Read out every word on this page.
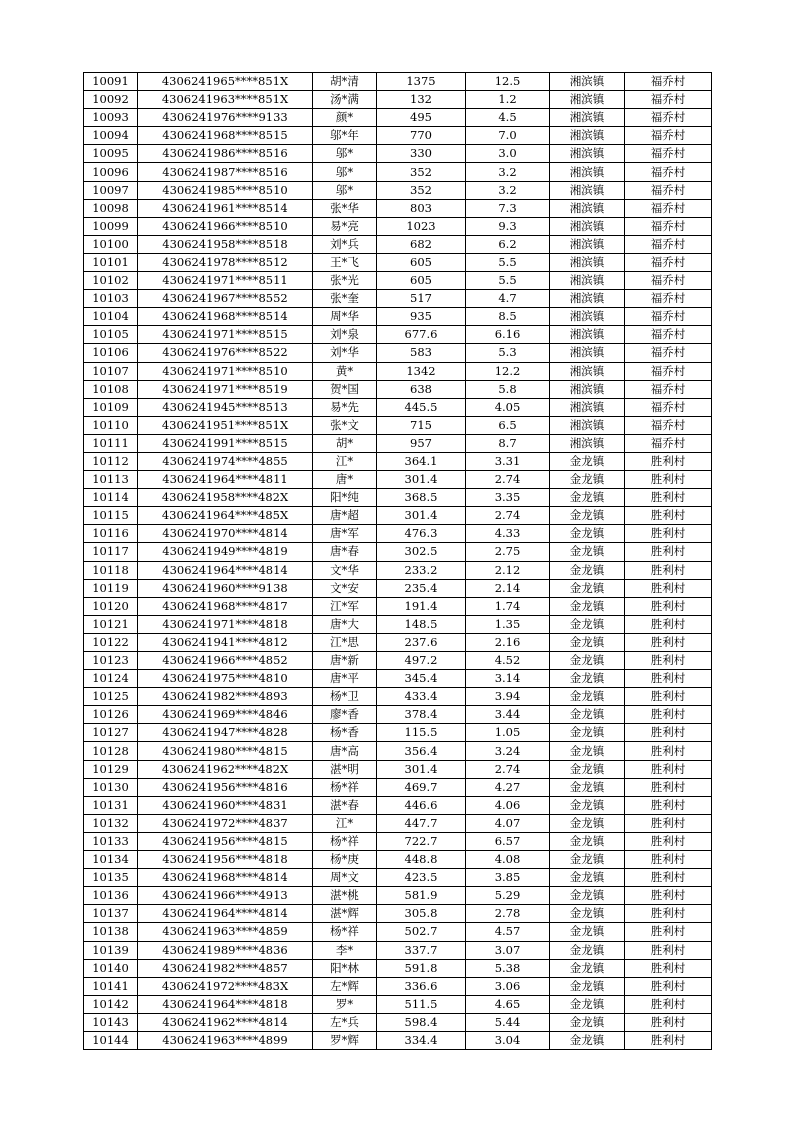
10091	4306241965****851X	胡*清	1375	12.5	湘滨镇	福乔村
10092	4306241963****851X	汤*满	132	1.2	湘滨镇	福乔村
10093	4306241976****9133	颜*	495	4.5	湘滨镇	福乔村
10094	4306241968****8515	邬*年	770	7.0	湘滨镇	福乔村
10095	4306241986****8516	邬*	330	3.0	湘滨镇	福乔村
10096	4306241987****8516	邬*	352	3.2	湘滨镇	福乔村
10097	4306241985****8510	邬*	352	3.2	湘滨镇	福乔村
10098	4306241961****8514	张*华	803	7.3	湘滨镇	福乔村
10099	4306241966****8510	易*亮	1023	9.3	湘滨镇	福乔村
10100	4306241958****8518	刘*兵	682	6.2	湘滨镇	福乔村
10101	4306241978****8512	王*飞	605	5.5	湘滨镇	福乔村
10102	4306241971****8511	张*光	605	5.5	湘滨镇	福乔村
10103	4306241967****8552	张*奎	517	4.7	湘滨镇	福乔村
10104	4306241968****8514	周*华	935	8.5	湘滨镇	福乔村
10105	4306241971****8515	刘*泉	677.6	6.16	湘滨镇	福乔村
10106	4306241976****8522	刘*华	583	5.3	湘滨镇	福乔村
10107	4306241971****8510	黄*	1342	12.2	湘滨镇	福乔村
10108	4306241971****8519	贺*国	638	5.8	湘滨镇	福乔村
10109	4306241945****8513	易*先	445.5	4.05	湘滨镇	福乔村
10110	4306241951****851X	张*文	715	6.5	湘滨镇	福乔村
10111	4306241991****8515	胡*	957	8.7	湘滨镇	福乔村
10112	4306241974****4855	江*	364.1	3.31	金龙镇	胜利村
10113	4306241964****4811	唐*	301.4	2.74	金龙镇	胜利村
10114	4306241958****482X	阳*纯	368.5	3.35	金龙镇	胜利村
10115	4306241964****485X	唐*超	301.4	2.74	金龙镇	胜利村
10116	4306241970****4814	唐*军	476.3	4.33	金龙镇	胜利村
10117	4306241949****4819	唐*春	302.5	2.75	金龙镇	胜利村
10118	4306241964****4814	文*华	233.2	2.12	金龙镇	胜利村
10119	4306241960****9138	文*安	235.4	2.14	金龙镇	胜利村
10120	4306241968****4817	江*军	191.4	1.74	金龙镇	胜利村
10121	4306241971****4818	唐*大	148.5	1.35	金龙镇	胜利村
10122	4306241941****4812	江*思	237.6	2.16	金龙镇	胜利村
10123	4306241966****4852	唐*新	497.2	4.52	金龙镇	胜利村
10124	4306241975****4810	唐*平	345.4	3.14	金龙镇	胜利村
10125	4306241982****4893	杨*卫	433.4	3.94	金龙镇	胜利村
10126	4306241969****4846	廖*香	378.4	3.44	金龙镇	胜利村
10127	4306241947****4828	杨*香	115.5	1.05	金龙镇	胜利村
10128	4306241980****4815	唐*高	356.4	3.24	金龙镇	胜利村
10129	4306241962****482X	湛*明	301.4	2.74	金龙镇	胜利村
10130	4306241956****4816	杨*祥	469.7	4.27	金龙镇	胜利村
10131	4306241960****4831	湛*春	446.6	4.06	金龙镇	胜利村
10132	4306241972****4837	江*	447.7	4.07	金龙镇	胜利村
10133	4306241956****4815	杨*祥	722.7	6.57	金龙镇	胜利村
10134	4306241956****4818	杨*庚	448.8	4.08	金龙镇	胜利村
10135	4306241968****4814	周*文	423.5	3.85	金龙镇	胜利村
10136	4306241966****4913	湛*桃	581.9	5.29	金龙镇	胜利村
10137	4306241964****4814	湛*辉	305.8	2.78	金龙镇	胜利村
10138	4306241963****4859	杨*祥	502.7	4.57	金龙镇	胜利村
10139	4306241989****4836	李*	337.7	3.07	金龙镇	胜利村
10140	4306241982****4857	阳*林	591.8	5.38	金龙镇	胜利村
10141	4306241972****483X	左*辉	336.6	3.06	金龙镇	胜利村
10142	4306241964****4818	罗*	511.5	4.65	金龙镇	胜利村
10143	4306241962****4814	左*兵	598.4	5.44	金龙镇	胜利村
10144	4306241963****4899	罗*辉	334.4	3.04	金龙镇	胜利村
